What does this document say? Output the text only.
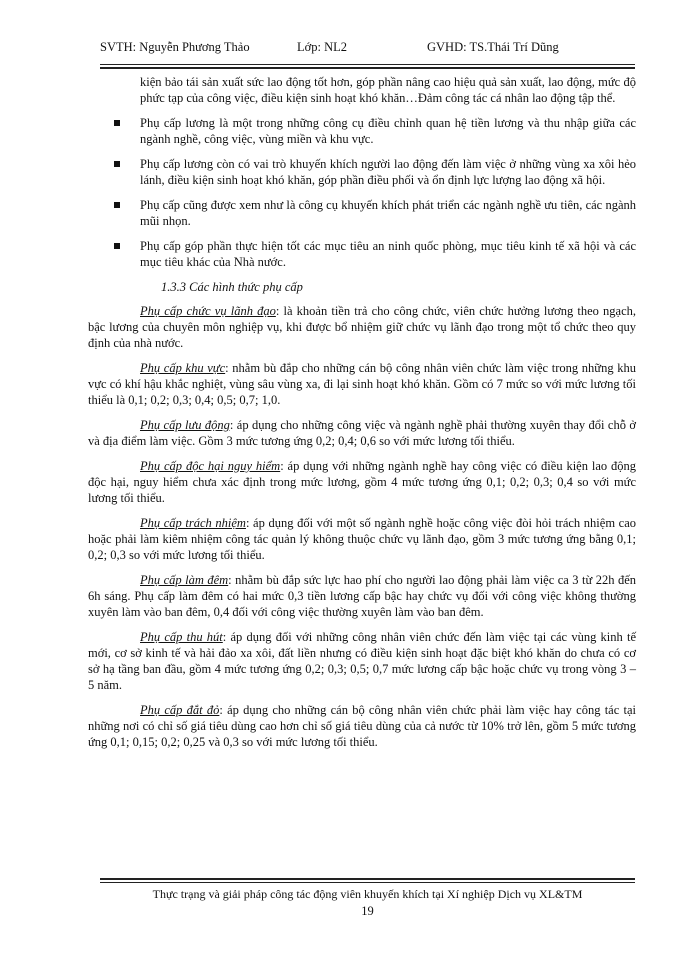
SVTH: Nguyễn Phương Thảo	Lớp: NL2	GVHD: TS.Thái Trí Dũng

kiện bảo tái sản xuất sức lao động tốt hơn, góp phần nâng cao hiệu quả sản xuất, lao động, mức độ phức tạp của công việc, điều kiện sinh hoạt khó khăn…Đảm công tác cá nhân lao động tập thể.

Phụ cấp lương là một trong những công cụ điều chỉnh quan hệ tiền lương và thu nhập giữa các ngành nghề, công việc, vùng miền và khu vực.
Phụ cấp lương còn có vai trò khuyến khích người lao động đến làm việc ở những vùng xa xôi hẻo lánh, điều kiện sinh hoạt khó khăn, góp phần điều phối và ổn định lực lượng lao động xã hội.
Phụ cấp cũng được xem như là công cụ khuyến khích phát triển các ngành nghề ưu tiên, các ngành mũi nhọn.
Phụ cấp góp phần thực hiện tốt các mục tiêu an ninh quốc phòng, mục tiêu kinh tế xã hội và các mục tiêu khác của Nhà nước.

1.3.3 Các hình thức phụ cấp

Phụ cấp chức vụ lãnh đạo: là khoản tiền trả cho công chức, viên chức hưởng lương theo ngạch, bậc lương của chuyên môn nghiệp vụ, khi được bổ nhiệm giữ chức vụ lãnh đạo trong một tổ chức theo quy định của nhà nước.

Phụ cấp khu vực: nhằm bù đắp cho những cán bộ công nhân viên chức làm việc trong những khu vực có khí hậu khắc nghiệt, vùng sâu vùng xa, đi lại sinh hoạt khó khăn. Gồm có 7 mức so với mức lương tối thiểu là 0,1; 0,2; 0,3; 0,4; 0,5; 0,7; 1,0.

Phụ cấp lưu động: áp dụng cho những công việc và ngành nghề phải thường xuyên thay đổi chỗ ở và địa điểm làm việc. Gồm 3 mức tương ứng 0,2; 0,4; 0,6 so với mức lương tối thiểu.

Phụ cấp độc hại nguy hiểm: áp dụng với những ngành nghề hay công việc có điều kiện lao động độc hại, nguy hiểm chưa xác định trong mức lương, gồm 4 mức tương ứng 0,1; 0,2; 0,3; 0,4 so với mức lương tối thiểu.

Phụ cấp trách nhiệm: áp dụng đối với một số ngành nghề hoặc công việc đòi hỏi trách nhiệm cao hoặc phải làm kiêm nhiệm công tác quản lý không thuộc chức vụ lãnh đạo, gồm 3 mức tương ứng bằng 0,1; 0,2; 0,3 so với mức lương tối thiểu.

Phụ cấp làm đêm: nhằm bù đắp sức lực hao phí cho người lao động phải làm việc ca 3 từ 22h đến 6h sáng. Phụ cấp làm đêm có hai mức 0,3 tiền lương cấp bậc hay chức vụ đối với công việc không thường xuyên làm vào ban đêm, 0,4 đối với công việc thường xuyên làm vào ban đêm.

Phụ cấp thu hút: áp dụng đối với những công nhân viên chức đến làm việc tại các vùng kinh tế mới, cơ sở kinh tế và hải đảo xa xôi, đất liền nhưng có điều kiện sinh hoạt đặc biệt khó khăn do chưa có cơ sở hạ tầng ban đầu, gồm 4 mức tương ứng 0,2; 0,3; 0,5; 0,7 mức lương cấp bậc hoặc chức vụ trong vòng 3 – 5 năm.

Phụ cấp đắt đỏ: áp dụng cho những cán bộ công nhân viên chức phải làm việc hay công tác tại những nơi có chỉ số giá tiêu dùng cao hơn chỉ số giá tiêu dùng của cả nước từ 10% trở lên, gồm 5 mức tương ứng 0,1; 0,15; 0,2; 0,25 và 0,3 so với mức lương tối thiểu.

Thực trạng và giải pháp công tác động viên khuyến khích tại Xí nghiệp Dịch vụ XL&TM
19
